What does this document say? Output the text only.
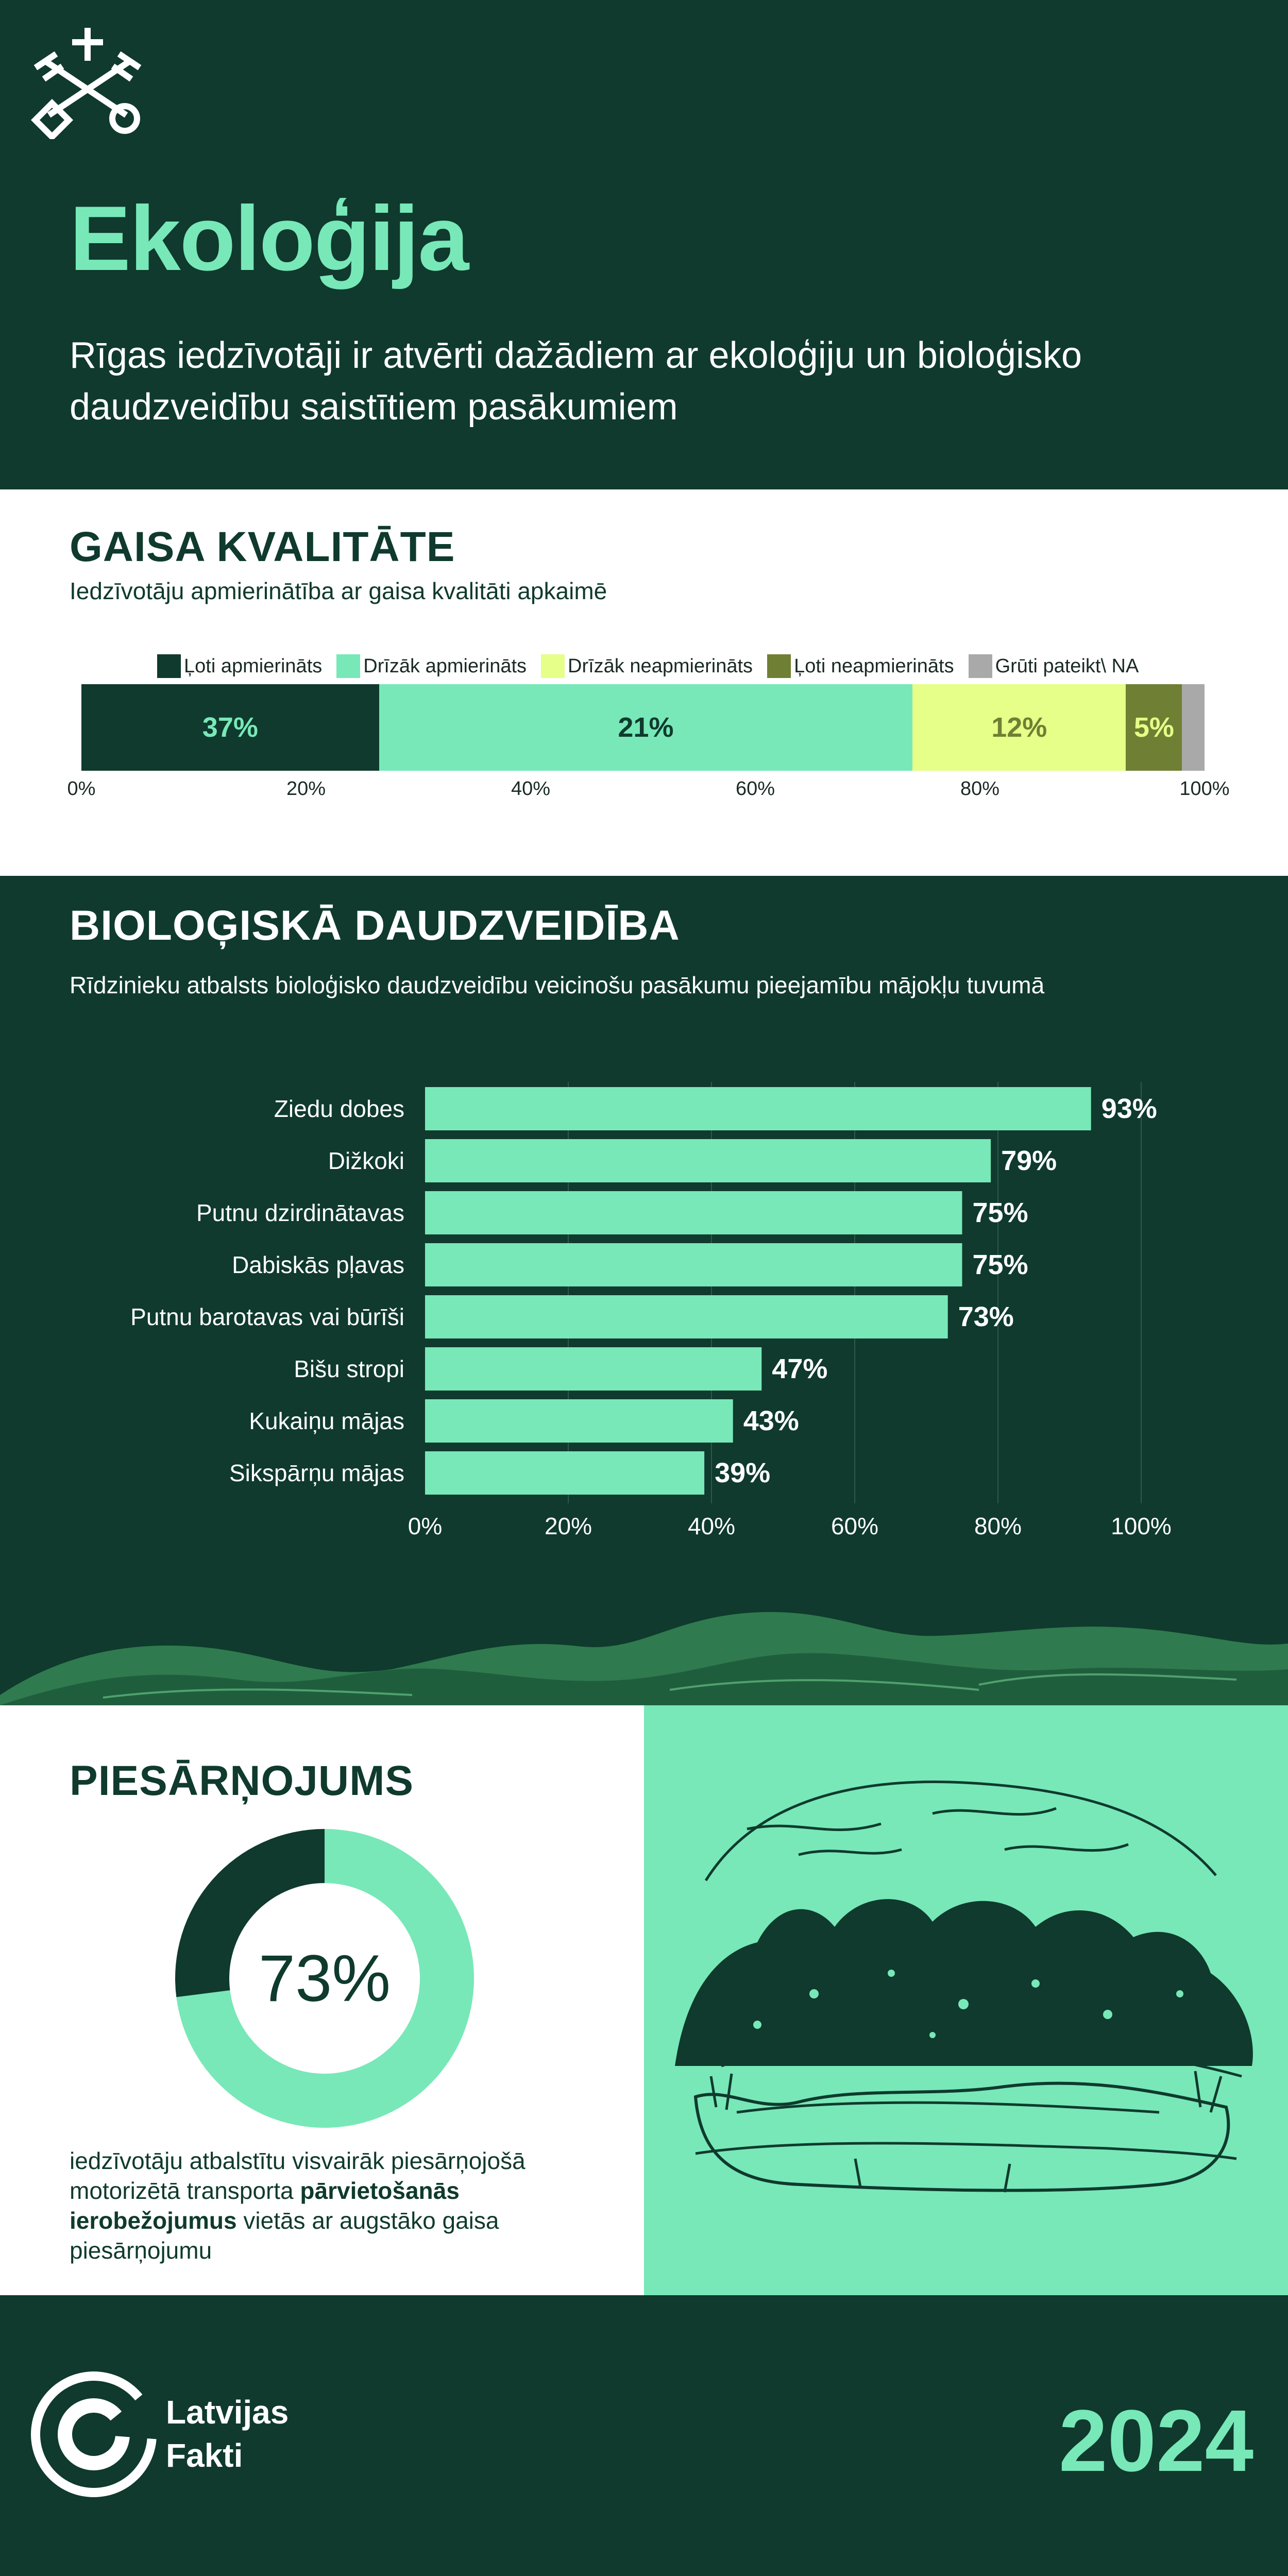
Ekoloģija
Rīgas iedzīvotāji ir atvērti dažādiem ar ekoloģiju un bioloģisko daudzveidību saistītiem pasākumiem
GAISA KVALITĀTE
Iedzīvotāju apmierinātība ar gaisa kvalitāti apkaimē
Ļoti apmierināts Drīzāk apmierināts Drīzāk neapmierināts Ļoti neapmierināts Grūti pateikt\ NA
37%	21%	12%	5%
0%	20%	40%	60%	80%	100%
BIOLOĢISKĀ DAUDZVEIDĪBA
Rīdzinieku atbalsts bioloģisko daudzveidību veicinošu pasākumu pieejamību mājokļu tuvumā
0%	20%	40%	60%	80%	100%
Ziedu dobes	93%
Dižkoki	79%
Putnu dzirdinātavas	75%
Dabiskās pļavas	75%
Putnu barotavas vai būrīši	73%
Bišu stropi	47%
Kukaiņu mājas	43%
Sikspārņu mājas	39%
PIESĀRŅOJUMS
73%
iedzīvotāju atbalstītu visvairāk piesārņojošā motorizētā transporta pārvietošanās ierobežojumus vietās ar augstāko gaisa piesārņojumu
Latvijas
Fakti	2024
